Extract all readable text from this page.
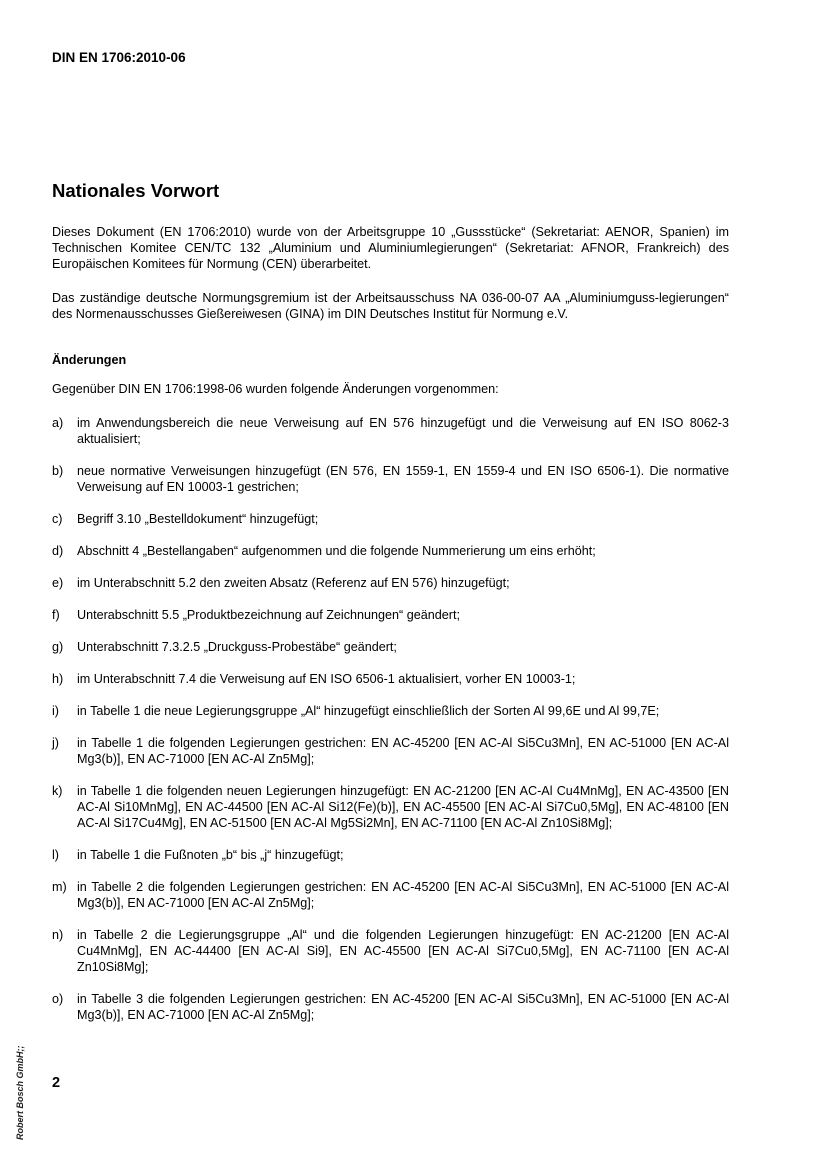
DIN EN 1706:2010-06
Nationales Vorwort

Dieses Dokument (EN 1706:2010) wurde von der Arbeitsgruppe 10 „Gussstücke“ (Sekretariat: AENOR, Spanien) im Technischen Komitee CEN/TC 132 „Aluminium und Aluminiumlegierungen“ (Sekretariat: AFNOR, Frankreich) des Europäischen Komitees für Normung (CEN) überarbeitet.

Das zuständige deutsche Normungsgremium ist der Arbeitsausschuss NA 036-00-07 AA „Aluminiumguss-legierungen“ des Normenausschusses Gießereiwesen (GINA) im DIN Deutsches Institut für Normung e.V.

Änderungen

Gegenüber DIN EN 1706:1998-06 wurden folgende Änderungen vorgenommen:

a) im Anwendungsbereich die neue Verweisung auf EN 576 hinzugefügt und die Verweisung auf EN ISO 8062-3 aktualisiert;
b) neue normative Verweisungen hinzugefügt (EN 576, EN 1559-1, EN 1559-4 und EN ISO 6506-1). Die normative Verweisung auf EN 10003-1 gestrichen;
c) Begriff 3.10 „Bestelldokument“ hinzugefügt;
d) Abschnitt 4 „Bestellangaben“ aufgenommen und die folgende Nummerierung um eins erhöht;
e) im Unterabschnitt 5.2 den zweiten Absatz (Referenz auf EN 576) hinzugefügt;
f) Unterabschnitt 5.5 „Produktbezeichnung auf Zeichnungen“ geändert;
g) Unterabschnitt 7.3.2.5 „Druckguss-Probestäbe“ geändert;
h) im Unterabschnitt 7.4 die Verweisung auf EN ISO 6506-1 aktualisiert, vorher EN 10003-1;
i) in Tabelle 1 die neue Legierungsgruppe „Al“ hinzugefügt einschließlich der Sorten Al 99,6E und Al 99,7E;
j) in Tabelle 1 die folgenden Legierungen gestrichen: EN AC-45200 [EN AC-Al Si5Cu3Mn], EN AC-51000 [EN AC-Al Mg3(b)], EN AC-71000 [EN AC-Al Zn5Mg];
k) in Tabelle 1 die folgenden neuen Legierungen hinzugefügt: EN AC-21200 [EN AC-Al Cu4MnMg], EN AC-43500 [EN AC-Al Si10MnMg], EN AC-44500 [EN AC-Al Si12(Fe)(b)], EN AC-45500 [EN AC-Al Si7Cu0,5Mg], EN AC-48100 [EN AC-Al Si17Cu4Mg], EN AC-51500 [EN AC-Al Mg5Si2Mn], EN AC-71100 [EN AC-Al Zn10Si8Mg];
l) in Tabelle 1 die Fußnoten „b“ bis „j“ hinzugefügt;
m) in Tabelle 2 die folgenden Legierungen gestrichen: EN AC-45200 [EN AC-Al Si5Cu3Mn], EN AC-51000 [EN AC-Al Mg3(b)], EN AC-71000 [EN AC-Al Zn5Mg];
n) in Tabelle 2 die Legierungsgruppe „Al“ und die folgenden Legierungen hinzugefügt: EN AC-21200 [EN AC-Al Cu4MnMg], EN AC-44400 [EN AC-Al Si9], EN AC-45500 [EN AC-Al Si7Cu0,5Mg], EN AC-71100 [EN AC-Al Zn10Si8Mg];
o) in Tabelle 3 die folgenden Legierungen gestrichen: EN AC-45200 [EN AC-Al Si5Cu3Mn], EN AC-51000 [EN AC-Al Mg3(b)], EN AC-71000 [EN AC-Al Zn5Mg];
2
Robert Bosch GmbH;;
